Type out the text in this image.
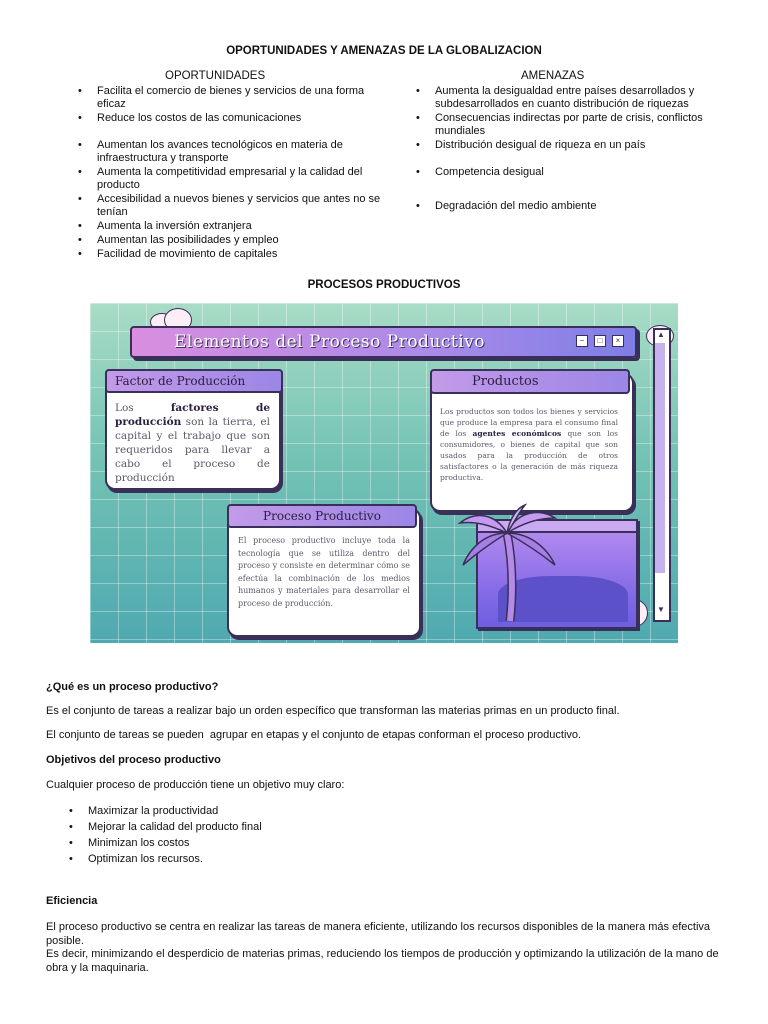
OPORTUNIDADES Y AMENAZAS DE LA GLOBALIZACION
OPORTUNIDADES
• Facilita el comercio de bienes y servicios de una forma eficaz
• Reduce los costos de las comunicaciones
• Aumentan los avances tecnológicos en materia de infraestructura y transporte
• Aumenta la competitividad empresarial y la calidad del producto
• Accesibilidad a nuevos bienes y servicios que antes no se tenían
• Aumenta la inversión extranjera
• Aumentan las posibilidades y empleo
• Facilidad de movimiento de capitales
AMENAZAS
• Aumenta la desigualdad entre países desarrollados y subdesarrollados en cuanto distribución de riquezas
• Consecuencias indirectas por parte de crisis, conflictos mundiales
• Distribución desigual de riqueza en un país
• Competencia desigual
• Degradación del medio ambiente
PROCESOS PRODUCTIVOS
Elementos del Proceso Productivo	−	□	×
Factor de Producción
Los factores de producción son la tierra, el capital y el trabajo que son requeridos para llevar a cabo el proceso de producción
Productos
Los productos son todos los bienes y servicios que produce la empresa para el consumo final de los agentes económicos que son los consumidores, o bienes de capital que son usados para la producción de otros satisfactores o la generación de más riqueza productiva.
Proceso Productivo
El proceso productivo incluye toda la tecnología que se utiliza dentro del proceso y consiste en determinar cómo se efectúa la combinación de los medios humanos y materiales para desarrollar el proceso de producción.
▲
▼
¿Qué es un proceso productivo?
Es el conjunto de tareas a realizar bajo un orden específico que transforman las materias primas en un producto final.
El conjunto de tareas se pueden  agrupar en etapas y el conjunto de etapas conforman el proceso productivo.
Objetivos del proceso productivo
Cualquier proceso de producción tiene un objetivo muy claro:
• Maximizar la productividad
• Mejorar la calidad del producto final
• Minimizan los costos
• Optimizan los recursos.
Eficiencia
El proceso productivo se centra en realizar las tareas de manera eficiente, utilizando los recursos disponibles de la manera más efectiva posible.
Es decir, minimizando el desperdicio de materias primas, reduciendo los tiempos de producción y optimizando la utilización de la mano de obra y la maquinaria.
